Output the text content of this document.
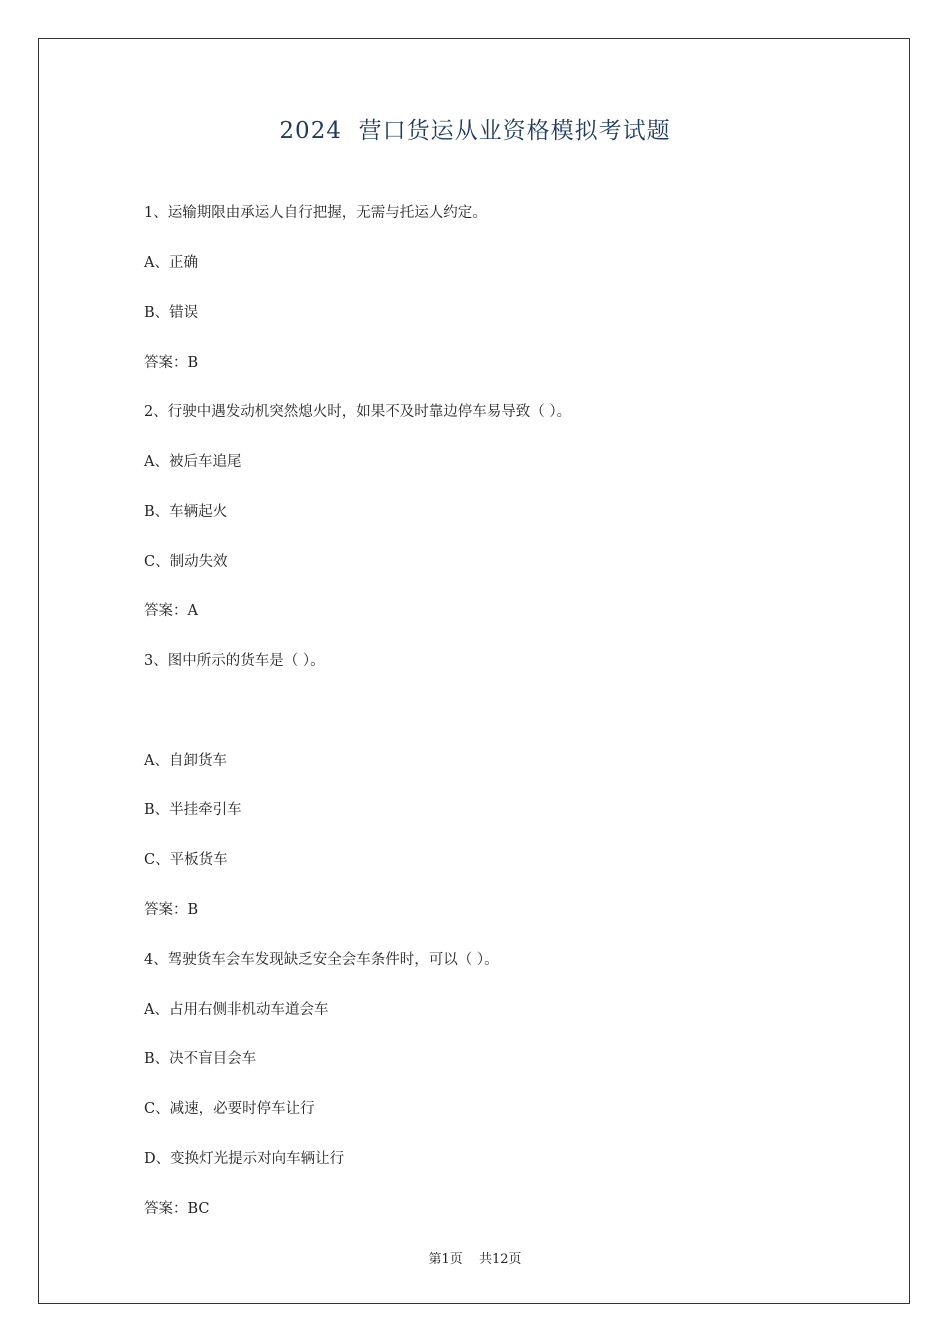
2024  营口货运从业资格模拟考试题
1、运输期限由承运人自行把握，无需与托运人约定。
A、正确
B、错误
答案：B
2、行驶中遇发动机突然熄火时，如果不及时靠边停车易导致（ ）。
A、被后车追尾
B、车辆起火
C、制动失效
答案：A
3、图中所示的货车是（ ）。
A、自卸货车
B、半挂牵引车
C、平板货车
答案：B
4、驾驶货车会车发现缺乏安全会车条件时，可以（ ）。
A、占用右侧非机动车道会车
B、决不盲目会车
C、减速，必要时停车让行
D、变换灯光提示对向车辆让行
答案：BC
第1页 共12页
